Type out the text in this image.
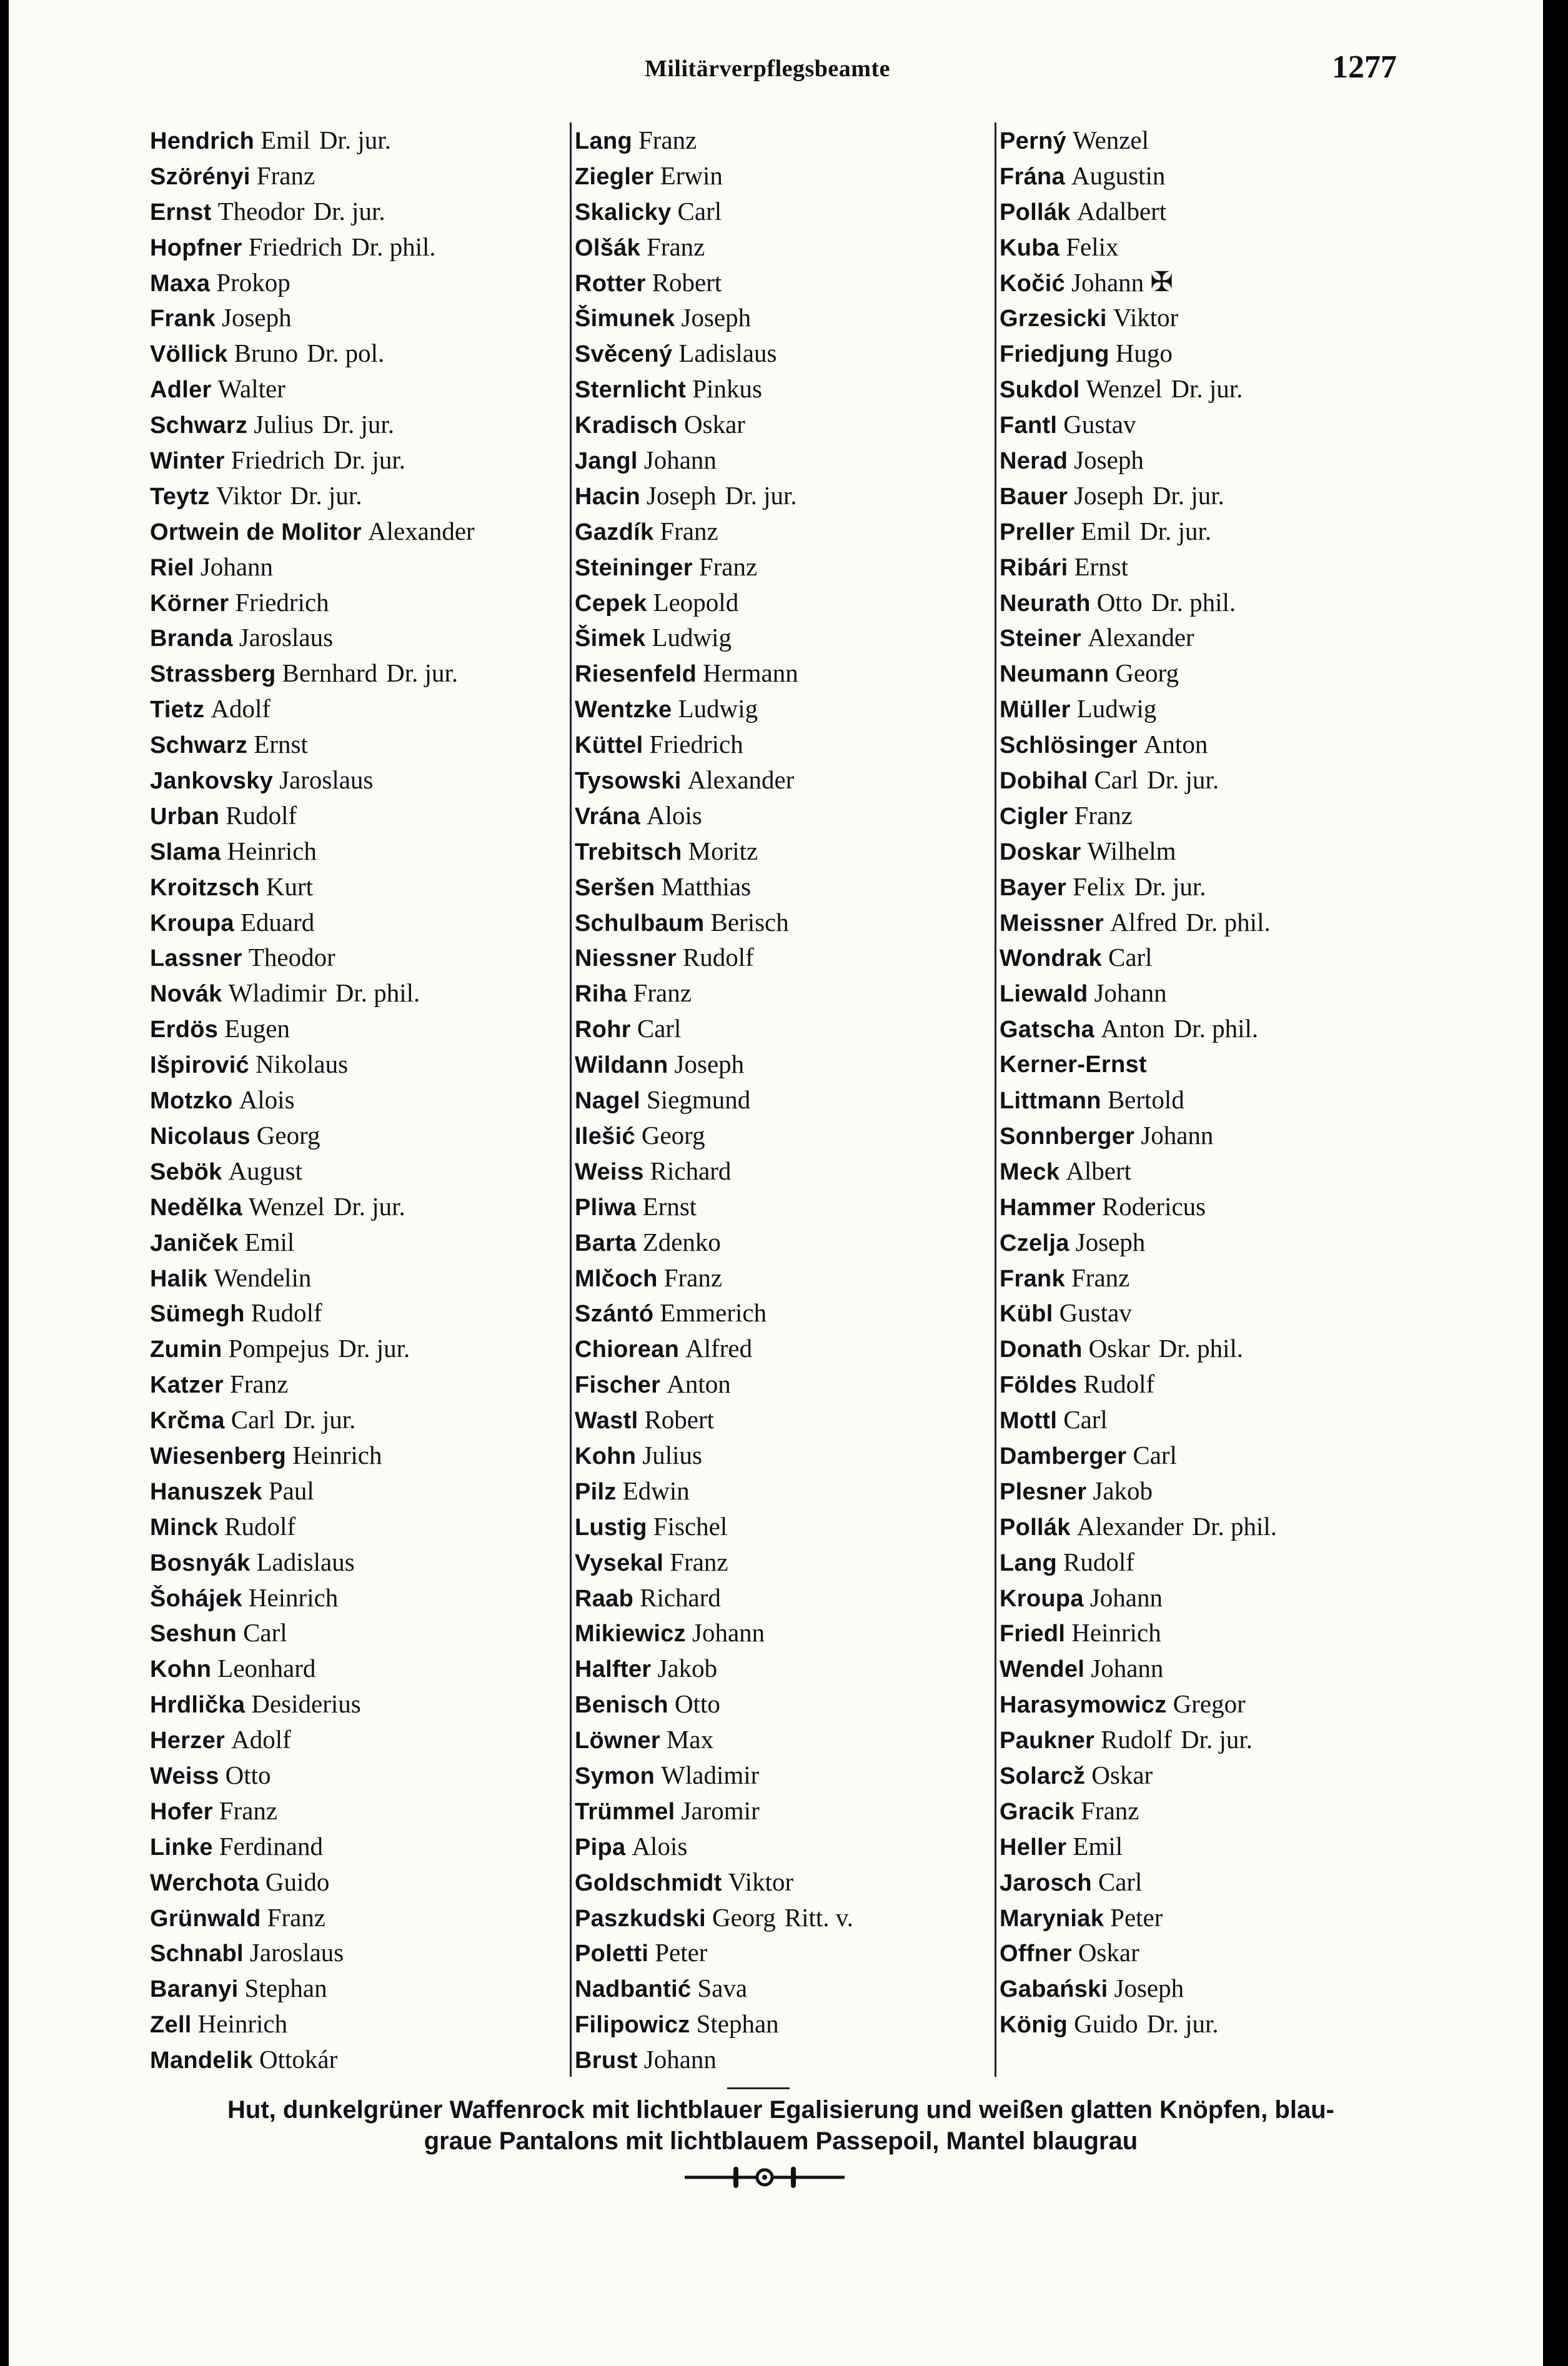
Militärverpflegsbeamte	1277
Hendrich Emil Dr. jur.
Szörényi Franz
Ernst Theodor Dr. jur.
Hopfner Friedrich Dr. phil.
Maxa Prokop
Frank Joseph
Völlick Bruno Dr. pol.
Adler Walter
Schwarz Julius Dr. jur.
Winter Friedrich Dr. jur.
Teytz Viktor Dr. jur.
Ortwein de Molitor Alexander
Riel Johann
Körner Friedrich
Branda Jaroslaus
Strassberg Bernhard Dr. jur.
Tietz Adolf
Schwarz Ernst
Jankovsky Jaroslaus
Urban Rudolf
Slama Heinrich
Kroitzsch Kurt
Kroupa Eduard
Lassner Theodor
Novák Wladimir Dr. phil.
Erdös Eugen
Išpirović Nikolaus
Motzko Alois
Nicolaus Georg
Sebök August
Nedělka Wenzel Dr. jur.
Janiček Emil
Halik Wendelin
Sümegh Rudolf
Zumin Pompejus Dr. jur.
Katzer Franz
Krčma Carl Dr. jur.
Wiesenberg Heinrich
Hanuszek Paul
Minck Rudolf
Bosnyák Ladislaus
Šohájek Heinrich
Seshun Carl
Kohn Leonhard
Hrdlička Desiderius
Herzer Adolf
Weiss Otto
Hofer Franz
Linke Ferdinand
Werchota Guido
Grünwald Franz
Schnabl Jaroslaus
Baranyi Stephan
Zell Heinrich
Mandelik Ottokár
Lang Franz
Ziegler Erwin
Skalicky Carl
Olšák Franz
Rotter Robert
Šimunek Joseph
Svěcený Ladislaus
Sternlicht Pinkus
Kradisch Oskar
Jangl Johann
Hacin Joseph Dr. jur.
Gazdík Franz
Steininger Franz
Cepek Leopold
Šimek Ludwig
Riesenfeld Hermann
Wentzke Ludwig
Küttel Friedrich
Tysowski Alexander
Vrána Alois
Trebitsch Moritz
Seršen Matthias
Schulbaum Berisch
Niessner Rudolf
Riha Franz
Rohr Carl
Wildann Joseph
Nagel Siegmund
Ilešić Georg
Weiss Richard
Pliwa Ernst
Barta Zdenko
Mlčoch Franz
Szántó Emmerich
Chiorean Alfred
Fischer Anton
Wastl Robert
Kohn Julius
Pilz Edwin
Lustig Fischel
Vysekal Franz
Raab Richard
Mikiewicz Johann
Halfter Jakob
Benisch Otto
Löwner Max
Symon Wladimir
Trümmel Jaromir
Pipa Alois
Goldschmidt Viktor
Paszkudski Georg Ritt. v.
Poletti Peter
Nadbantić Sava
Filipowicz Stephan
Brust Johann
Perný Wenzel
Frána Augustin
Pollák Adalbert
Kuba Felix
Kočić Johann ✠
Grzesicki Viktor
Friedjung Hugo
Sukdol Wenzel Dr. jur.
Fantl Gustav
Nerad Joseph
Bauer Joseph Dr. jur.
Preller Emil Dr. jur.
Ribári Ernst
Neurath Otto Dr. phil.
Steiner Alexander
Neumann Georg
Müller Ludwig
Schlösinger Anton
Dobihal Carl Dr. jur.
Cigler Franz
Doskar Wilhelm
Bayer Felix Dr. jur.
Meissner Alfred Dr. phil.
Wondrak Carl
Liewald Johann
Gatscha Anton Dr. phil.
Kerner-Ernst
Littmann Bertold
Sonnberger Johann
Meck Albert
Hammer Rodericus
Czelja Joseph
Frank Franz
Kübl Gustav
Donath Oskar Dr. phil.
Földes Rudolf
Mottl Carl
Damberger Carl
Plesner Jakob
Pollák Alexander Dr. phil.
Lang Rudolf
Kroupa Johann
Friedl Heinrich
Wendel Johann
Harasymowicz Gregor
Paukner Rudolf Dr. jur.
Solarcž Oskar
Gracik Franz
Heller Emil
Jarosch Carl
Maryniak Peter
Offner Oskar
Gabański Joseph
König Guido Dr. jur.
Hut, dunkelgrüner Waffenrock mit lichtblauer Egalisierung und weißen glatten Knöpfen, blau-
graue Pantalons mit lichtblauem Passepoil, Mantel blaugrau
